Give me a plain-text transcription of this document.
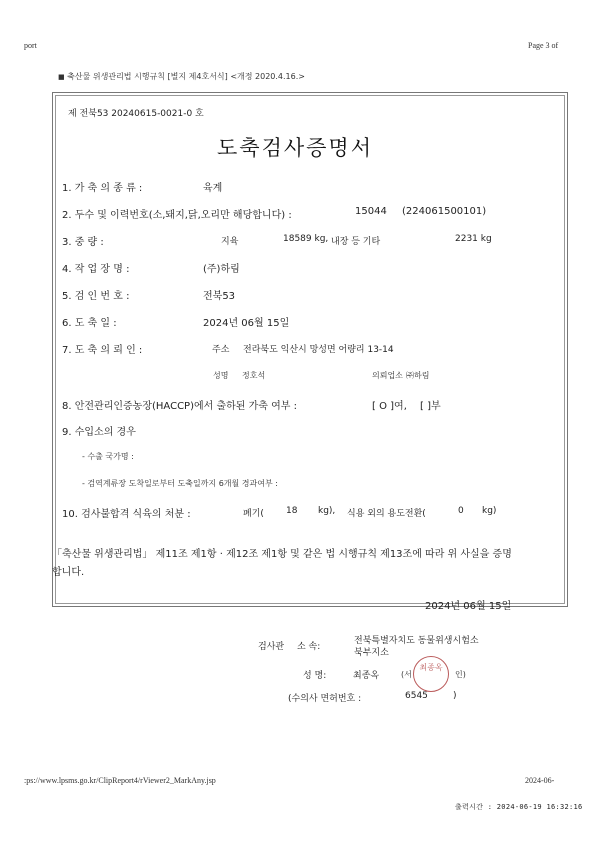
port	Page 3 of
■ 축산물 위생관리법 시행규칙 [별지 제4호서식] <개정 2020.4.16.>
제 전북53 20240615-0021-0 호
도축검사증명서
1. 가 축 의 종 류 :	육계
2. 두수 및 이력번호(소,돼지,닭,오리만 해당합니다) :	15044 (224061500101)
3. 중 량 :	지육	18589 kg, 내장 등 기타	2231 kg
4. 작 업 장 명 :	(주)하림
5. 검 인 번 호 :	전북53
6. 도 축 일 :	2024년 06월 15일
7. 도 축 의 뢰 인 :	주소 전라북도 익산시 망성면 어량리 13-14
성명 정호석	의뢰업소 ㈜하림
8. 안전관리인증농장(HACCP)에서 출하된 가축 여부 :	[ O ]여, [ ]부
9. 수입소의 경우
- 수출 국가명 :
- 검역계류장 도착일로부터 도축일까지 6개월 경과여부 :
10. 검사불합격 식육의 처분 :	폐기( 18 kg), 식용 외의 용도전환(	0 kg)
「축산물 위생관리법」 제11조 제1항 · 제12조 제1항 및 같은 법 시행규칙 제13조에 따라 위 사실을 증명
합니다.
2024년 06월 15일
검사관 소 속:
전북특별자치도 동물위생시험소
북부지소
성 명:	최종옥	(서	인)
최종옥
(수의사 면허번호 :	6545	)
:ps://www.lpsms.go.kr/ClipReport4/rViewer2_MarkAny.jsp	2024-06-
출력시간 : 2024-06-19 16:32:16
